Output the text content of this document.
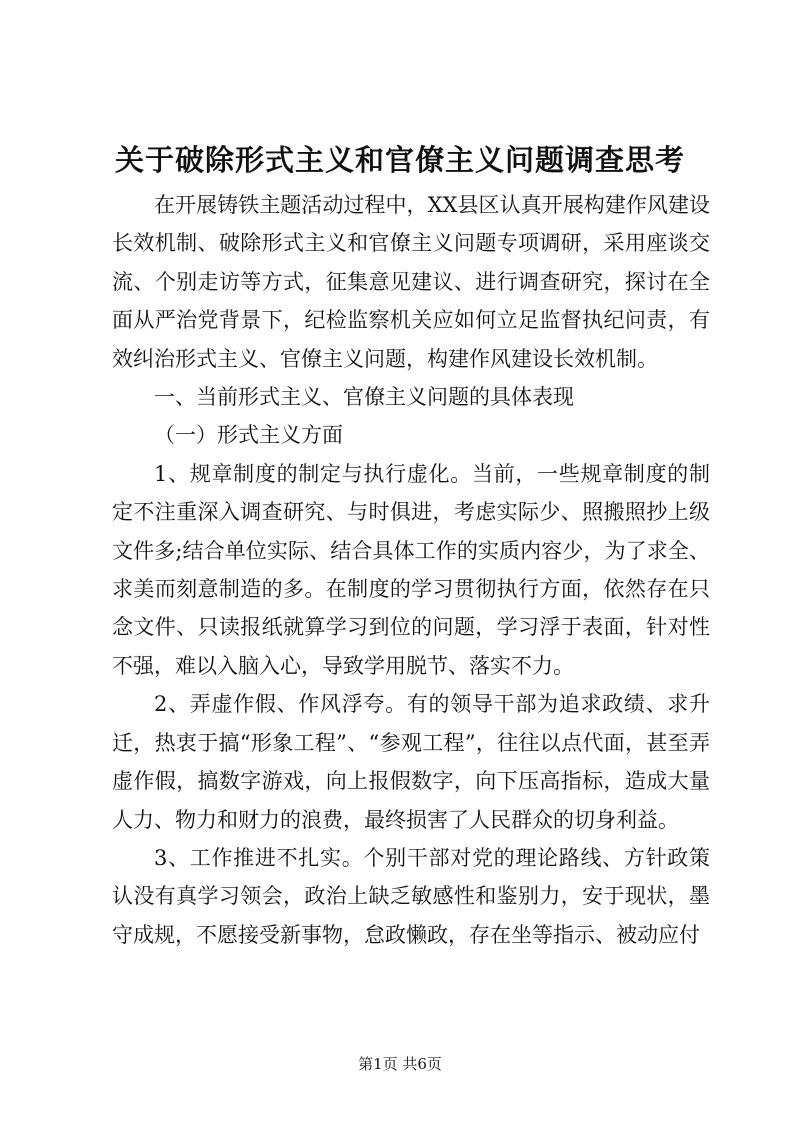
关于破除形式主义和官僚主义问题调查思考

在开展铸铁主题活动过程中，XX县区认真开展构建作风建设长效机制、破除形式主义和官僚主义问题专项调研，采用座谈交流、个别走访等方式，征集意见建议、进行调查研究，探讨在全面从严治党背景下，纪检监察机关应如何立足监督执纪问责，有效纠治形式主义、官僚主义问题，构建作风建设长效机制。

一、当前形式主义、官僚主义问题的具体表现

（一）形式主义方面

1、规章制度的制定与执行虚化。当前，一些规章制度的制定不注重深入调查研究、与时俱进，考虑实际少、照搬照抄上级文件多;结合单位实际、结合具体工作的实质内容少，为了求全、求美而刻意制造的多。在制度的学习贯彻执行方面，依然存在只念文件、只读报纸就算学习到位的问题，学习浮于表面，针对性不强，难以入脑入心，导致学用脱节、落实不力。

2、弄虚作假、作风浮夸。有的领导干部为追求政绩、求升迁，热衷于搞“形象工程”、“参观工程”，往往以点代面，甚至弄虚作假，搞数字游戏，向上报假数字，向下压高指标，造成大量人力、物力和财力的浪费，最终损害了人民群众的切身利益。

3、工作推进不扎实。个别干部对党的理论路线、方针政策认没有真学习领会，政治上缺乏敏感性和鉴别力，安于现状，墨守成规，不愿接受新事物，怠政懒政，存在坐等指示、被动应付

第1页 共6页
